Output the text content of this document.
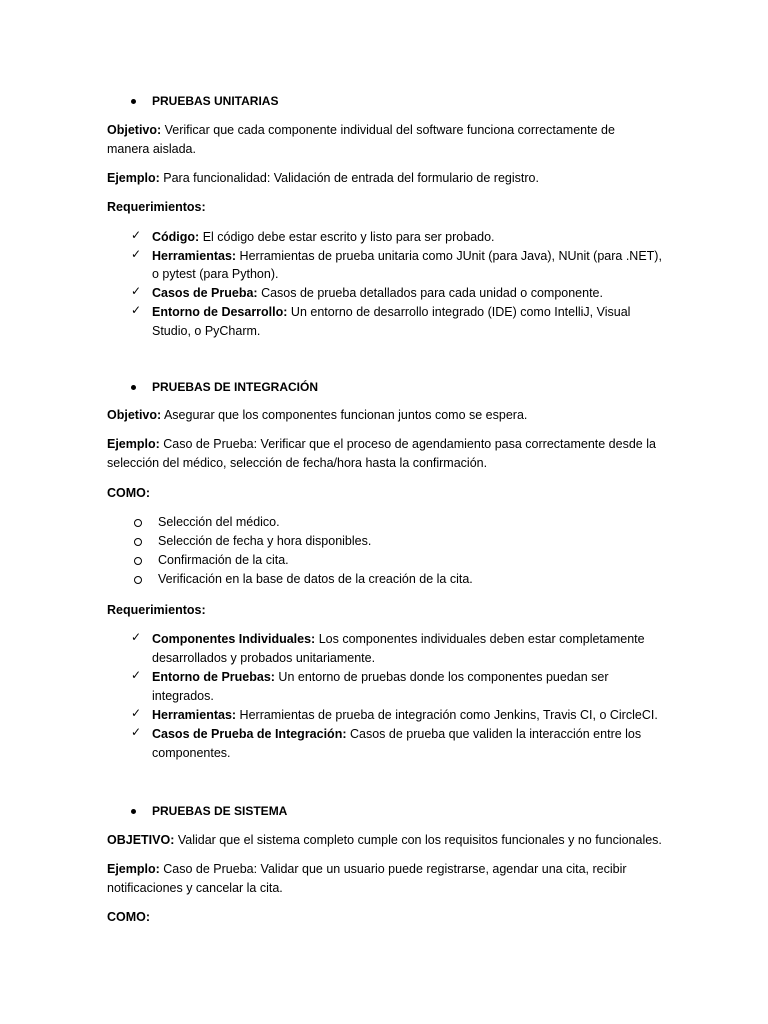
PRUEBAS UNITARIAS
Objetivo: Verificar que cada componente individual del software funciona correctamente de
manera aislada.
Ejemplo: Para funcionalidad: Validación de entrada del formulario de registro.
Requerimientos:
✓ Código: El código debe estar escrito y listo para ser probado.
✓ Herramientas: Herramientas de prueba unitaria como JUnit (para Java), NUnit (para .NET),
o pytest (para Python).
✓ Casos de Prueba: Casos de prueba detallados para cada unidad o componente.
✓ Entorno de Desarrollo: Un entorno de desarrollo integrado (IDE) como IntelliJ, Visual
Studio, o PyCharm.
PRUEBAS DE INTEGRACIÓN
Objetivo: Asegurar que los componentes funcionan juntos como se espera.
Ejemplo: Caso de Prueba: Verificar que el proceso de agendamiento pasa correctamente desde la
selección del médico, selección de fecha/hora hasta la confirmación.
COMO:
Selección del médico.
Selección de fecha y hora disponibles.
Confirmación de la cita.
Verificación en la base de datos de la creación de la cita.
Requerimientos:
✓ Componentes Individuales: Los componentes individuales deben estar completamente
desarrollados y probados unitariamente.
✓ Entorno de Pruebas: Un entorno de pruebas donde los componentes puedan ser
integrados.
✓ Herramientas: Herramientas de prueba de integración como Jenkins, Travis CI, o CircleCI.
✓ Casos de Prueba de Integración: Casos de prueba que validen la interacción entre los
componentes.
PRUEBAS DE SISTEMA
OBJETIVO: Validar que el sistema completo cumple con los requisitos funcionales y no funcionales.
Ejemplo: Caso de Prueba: Validar que un usuario puede registrarse, agendar una cita, recibir
notificaciones y cancelar la cita.
COMO:
